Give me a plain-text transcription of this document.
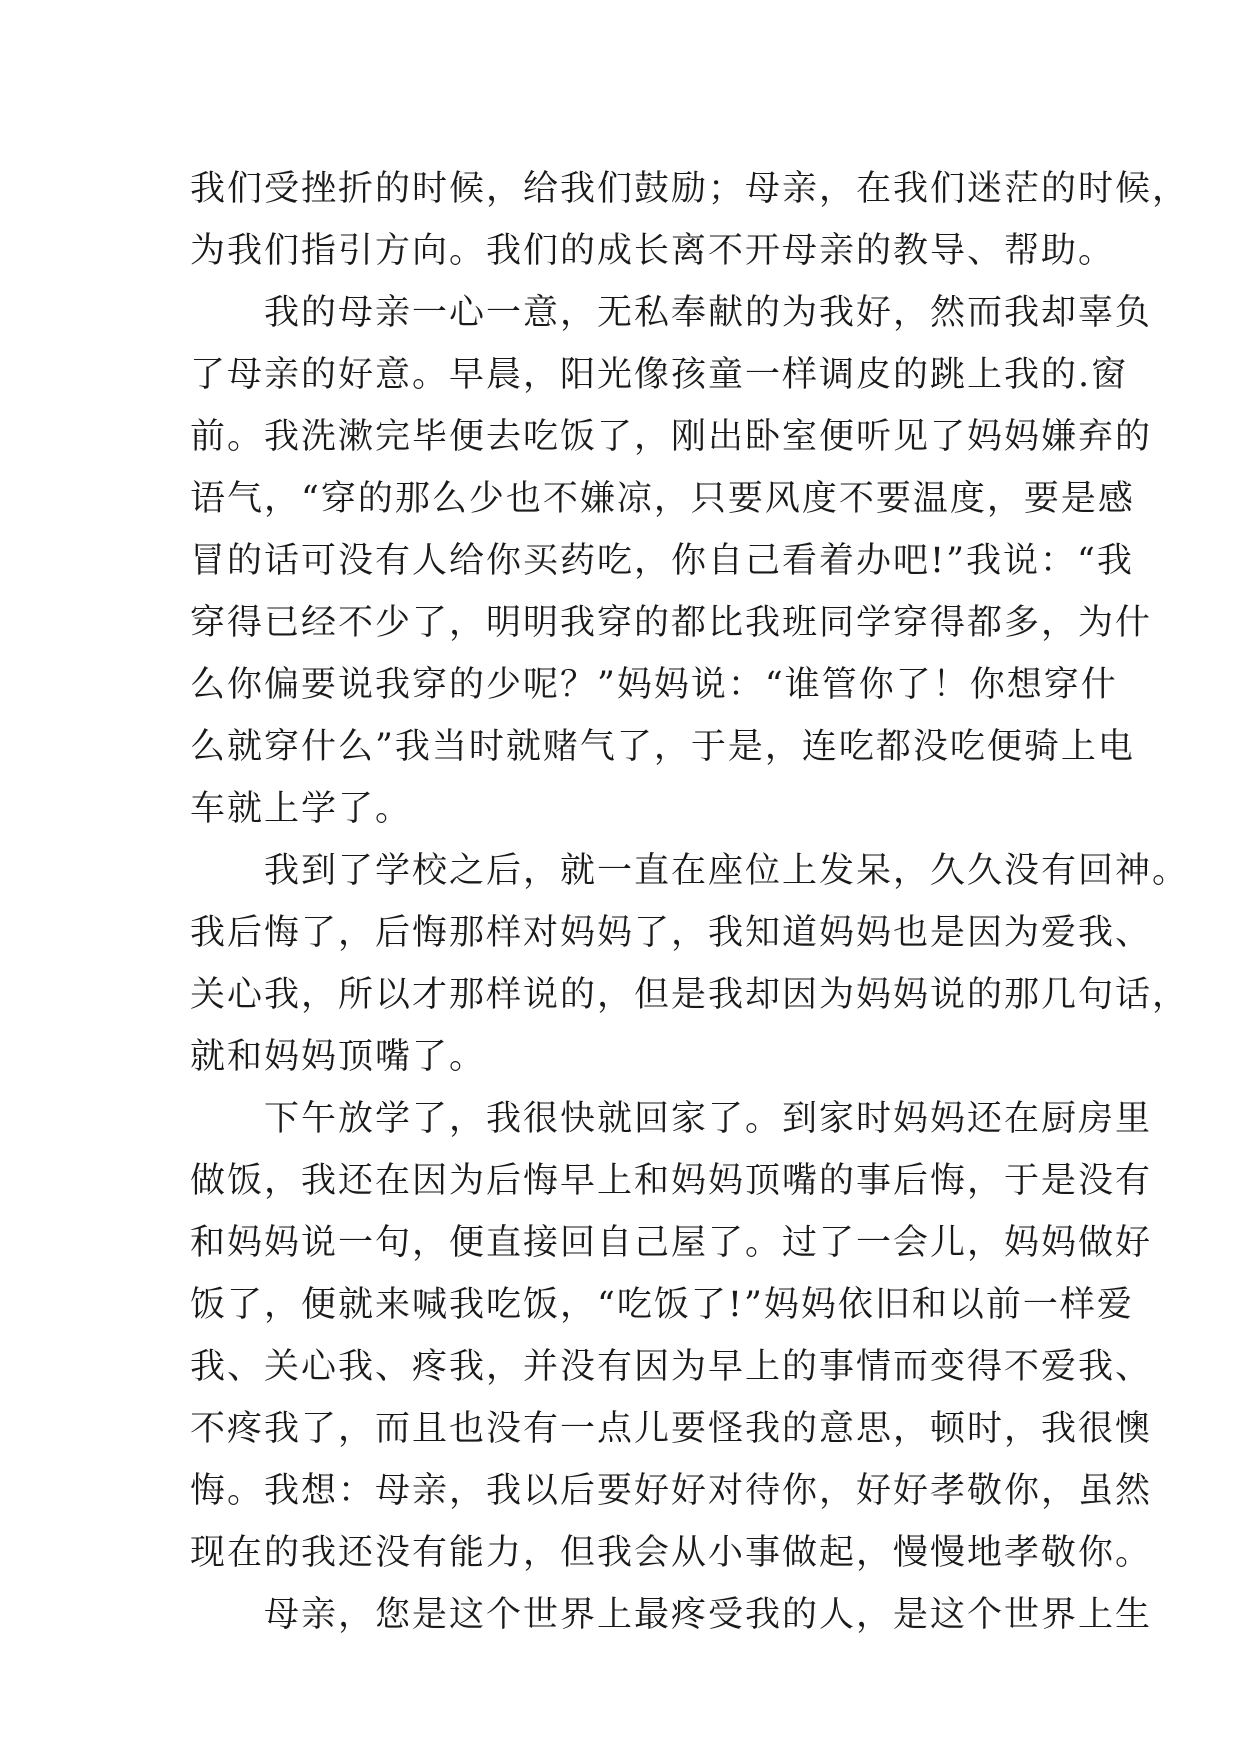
我们受挫折的时候，给我们鼓励；母亲，在我们迷茫的时候，
为我们指引方向。我们的成长离不开母亲的教导、帮助。
　　我的母亲一心一意，无私奉献的为我好，然而我却辜负
了母亲的好意。早晨，阳光像孩童一样调皮的跳上我的.窗
前。我洗漱完毕便去吃饭了，刚出卧室便听见了妈妈嫌弃的
语气，“穿的那么少也不嫌凉，只要风度不要温度，要是感
冒的话可没有人给你买药吃，你自己看着办吧!”我说：“我
穿得已经不少了，明明我穿的都比我班同学穿得都多，为什
么你偏要说我穿的少呢？”妈妈说：“谁管你了！你想穿什
么就穿什么”我当时就赌气了，于是，连吃都没吃便骑上电
车就上学了。
　　我到了学校之后，就一直在座位上发呆，久久没有回神。
我后悔了，后悔那样对妈妈了，我知道妈妈也是因为爱我、
关心我，所以才那样说的，但是我却因为妈妈说的那几句话，
就和妈妈顶嘴了。
　　下午放学了，我很快就回家了。到家时妈妈还在厨房里
做饭，我还在因为后悔早上和妈妈顶嘴的事后悔，于是没有
和妈妈说一句，便直接回自己屋了。过了一会儿，妈妈做好
饭了，便就来喊我吃饭，“吃饭了!”妈妈依旧和以前一样爱
我、关心我、疼我，并没有因为早上的事情而变得不爱我、
不疼我了，而且也没有一点儿要怪我的意思，顿时，我很懊
悔。我想：母亲，我以后要好好对待你，好好孝敬你，虽然
现在的我还没有能力，但我会从小事做起，慢慢地孝敬你。
　　母亲，您是这个世界上最疼受我的人，是这个世界上生
